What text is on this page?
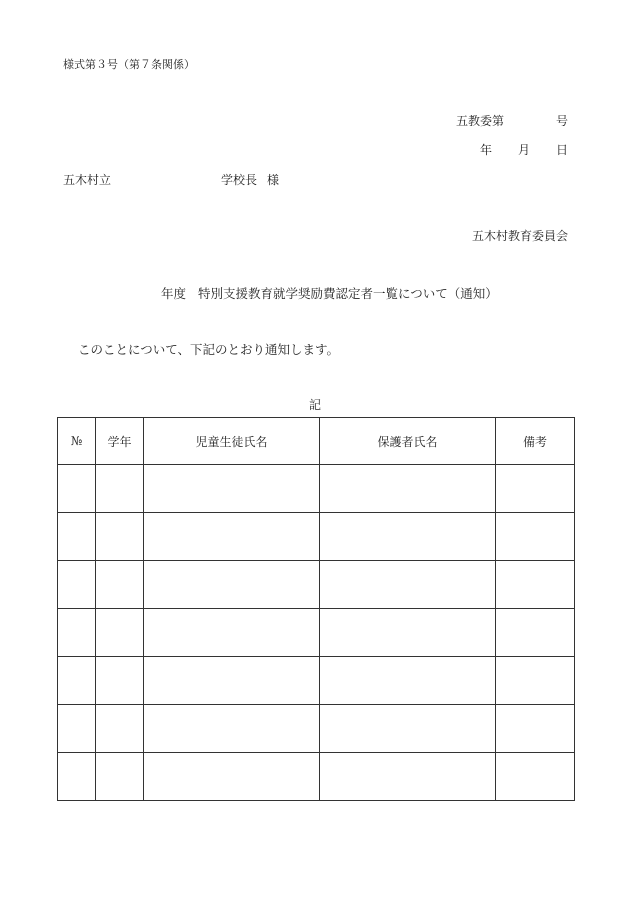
様式第３号（第７条関係）
五教委第	号
年 月 日
五木村立	学校長 様
五木村教育委員会
年度 特別支援教育就学奨励費認定者一覧について（通知）
このことについて、下記のとおり通知します。
記
№	学年	児童生徒氏名	保護者氏名	備考
